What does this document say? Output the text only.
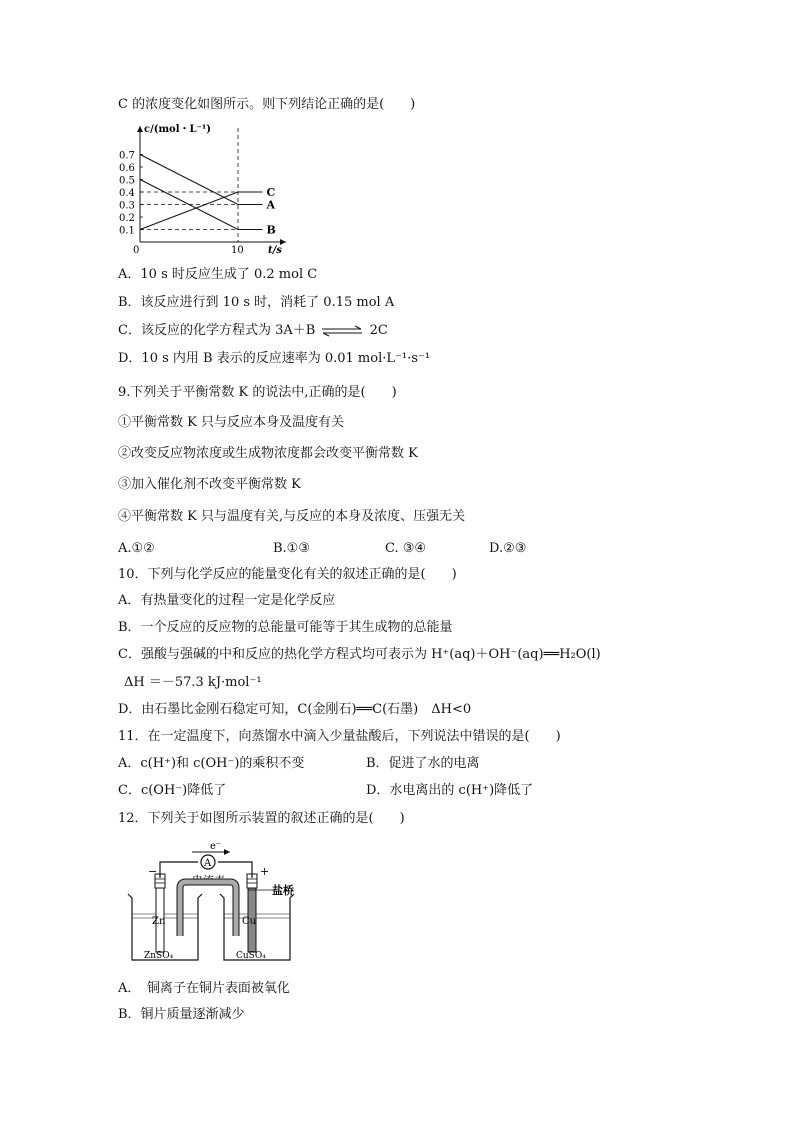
C 的浓度变化如图所示。则下列结论正确的是(　　)
0.7
0.6
0.5
0.4
0.3
0.2
0.1
0	10
c/(mol・L⁻¹)
t/s
C
A
B
A．10 s 时反应生成了 0.2 mol C
B．该反应进行到 10 s 时，消耗了 0.15 mol A
C．该反应的化学方程式为 3A＋B ⇌ 2C
D．10 s 内用 B 表示的反应速率为 0.01 mol·L⁻¹·s⁻¹
9.下列关于平衡常数 K 的说法中,正确的是(　　)
①平衡常数 K 只与反应本身及温度有关
②改变反应物浓度或生成物浓度都会改变平衡常数 K
③加入催化剂不改变平衡常数 K
④平衡常数 K 只与温度有关,与反应的本身及浓度、压强无关
A.①②	B.①③	C. ③④	D.②③
10．下列与化学反应的能量变化有关的叙述正确的是(　　)
A．有热量变化的过程一定是化学反应
B．一个反应的反应物的总能量可能等于其生成物的总能量
C．强酸与强碱的中和反应的热化学方程式均可表示为 H⁺(aq)＋OH⁻(aq)══H₂O(l)
ΔH ＝－57.3 kJ·mol⁻¹
D．由石墨比金刚石稳定可知，C(金刚石)══C(石墨)　ΔH<0
11．在一定温度下，向蒸馏水中滴入少量盐酸后，下列说法中错误的是(　　)
A．c(H⁺)和 c(OH⁻)的乘积不变	B．促进了水的电离
C．c(OH⁻)降低了	D．水电离出的 c(H⁺)降低了
12．下列关于如图所示装置的叙述正确的是(　　)
e⁻
A
电流表
−	+
Zn	Cu
盐桥
ZnSO₄	CuSO₄
A．　铜离子在铜片表面被氧化
B．铜片质量逐渐减少
